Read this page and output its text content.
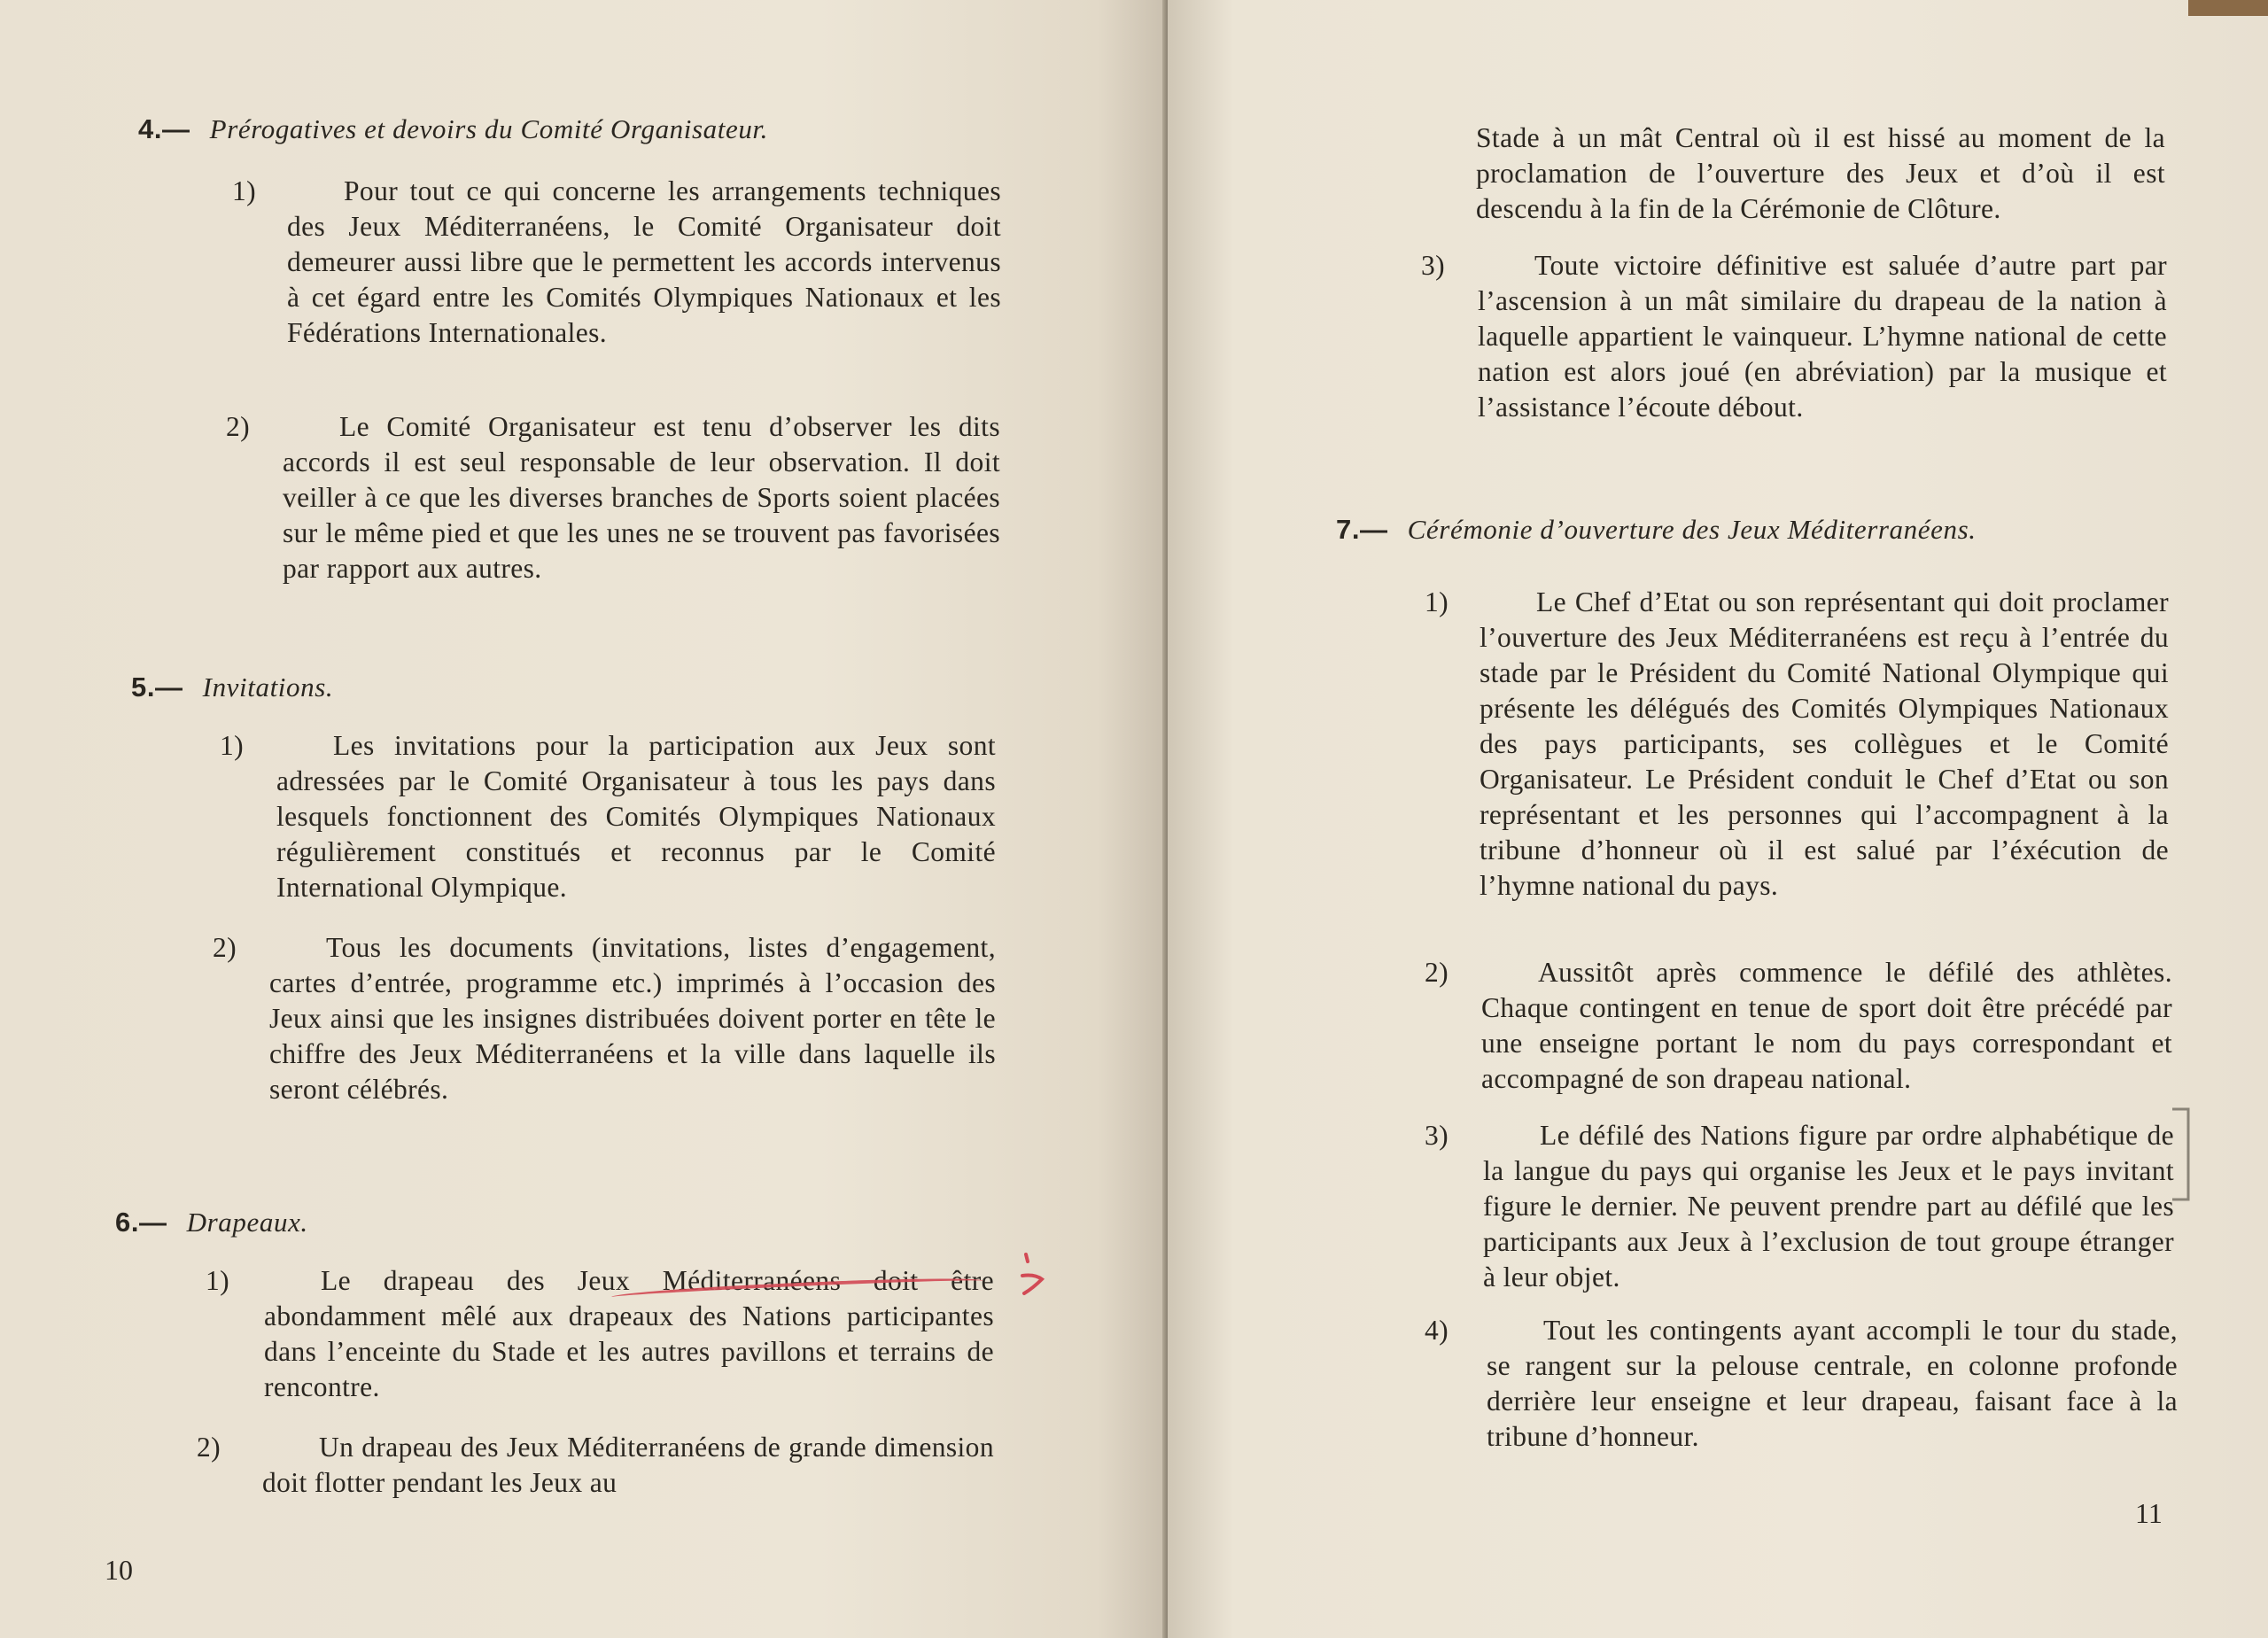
4.— Prérogatives et devoirs du Comité Organisateur.
1)	Pour tout ce qui concerne les arrangements techniques des Jeux Méditerranéens, le Comité Organisateur doit demeurer aussi libre que le permettent les accords intervenus à cet égard entre les Comités Olympiques Nationaux et les Fédérations Internationales.
2)	Le Comité Organisateur est tenu d’observer les dits accords il est seul responsable de leur observation. Il doit veiller à ce que les diverses branches de Sports soient placées sur le même pied et que les unes ne se trouvent pas favorisées par rapport aux autres.
5.— Invitations.
1)	Les invitations pour la participation aux Jeux sont adressées par le Comité Organisateur à tous les pays dans lesquels fonctionnent des Comités Olympiques Nationaux régulièrement constitués et reconnus par le Comité International Olympique.
2)	Tous les documents (invitations, listes d’engagement, cartes d’entrée, programme etc.) imprimés à l’occasion des Jeux ainsi que les insignes distribuées doivent porter en tête le chiffre des Jeux Méditerranéens et la ville dans laquelle ils seront célébrés.
6.— Drapeaux.
1)	Le drapeau des Jeux Méditerranéens doit être abondamment mêlé aux drapeaux des Nations participantes dans l’enceinte du Stade et les autres pavillons et terrains de rencontre.
2)	Un drapeau des Jeux Méditerranéens de grande dimension doit flotter pendant les Jeux au
10
Stade à un mât Central où il est hissé au moment de la proclamation de l’ouverture des Jeux et d’où il est descendu à la fin de la Cérémonie de Clôture.
3)	Toute victoire définitive est saluée d’autre part par l’ascension à un mât similaire du drapeau de la nation à laquelle appartient le vainqueur. L’hymne national de cette nation est alors joué (en abréviation) par la musique et l’assistance l’écoute débout.
7.— Cérémonie d’ouverture des Jeux Méditerranéens.
1)	Le Chef d’Etat ou son représentant qui doit proclamer l’ouverture des Jeux Méditerranéens est reçu à l’entrée du stade par le Président du Comité National Olympique qui présente les délégués des Comités Olympiques Nationaux des pays participants, ses collègues et le Comité Organisateur. Le Président conduit le Chef d’Etat ou son représentant et les personnes qui l’accompagnent à la tribune d’honneur où il est salué par l’éxécution de l’hymne national du pays.
2)	Aussitôt après commence le défilé des athlètes. Chaque contingent en tenue de sport doit être précédé par une enseigne portant le nom du pays correspondant et accompagné de son drapeau national.
3)	Le défilé des Nations figure par ordre alphabétique de la langue du pays qui organise les Jeux et le pays invitant figure le dernier. Ne peuvent prendre part au défilé que les participants aux Jeux à l’exclusion de tout groupe étranger à leur objet.
4)	Tout les contingents ayant accompli le tour du stade, se rangent sur la pelouse centrale, en colonne profonde derrière leur enseigne et leur drapeau, faisant face à la tribune d’honneur.
11
